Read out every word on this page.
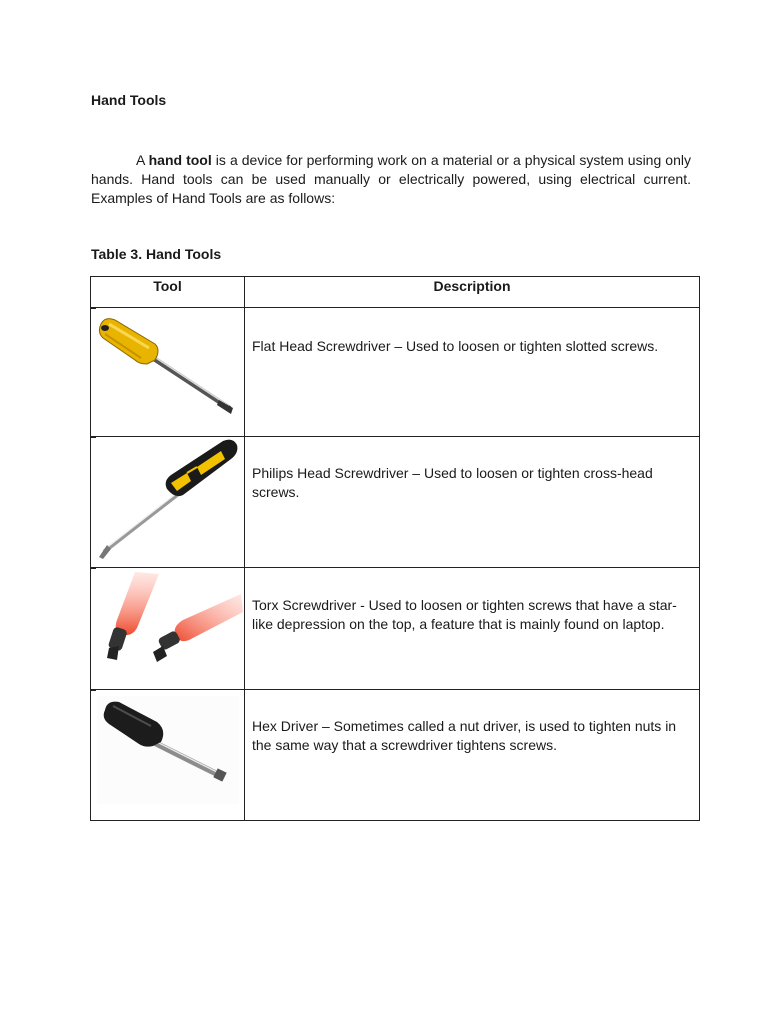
Hand Tools
A hand tool is a device for performing work on a material or a physical system using only hands. Hand tools can be used manually or electrically powered, using electrical current. Examples of Hand Tools are as follows:
Table 3. Hand Tools
Tool	Description

Flat Head Screwdriver – Used to loosen or tighten slotted screws.

Philips Head Screwdriver – Used to loosen or tighten cross-head screws.

Torx Screwdriver - Used to loosen or tighten screws that have a star-like depression on the top, a feature that is mainly found on laptop.

Hex Driver – Sometimes called a nut driver, is used to tighten nuts in the same way that a screwdriver tightens screws.
